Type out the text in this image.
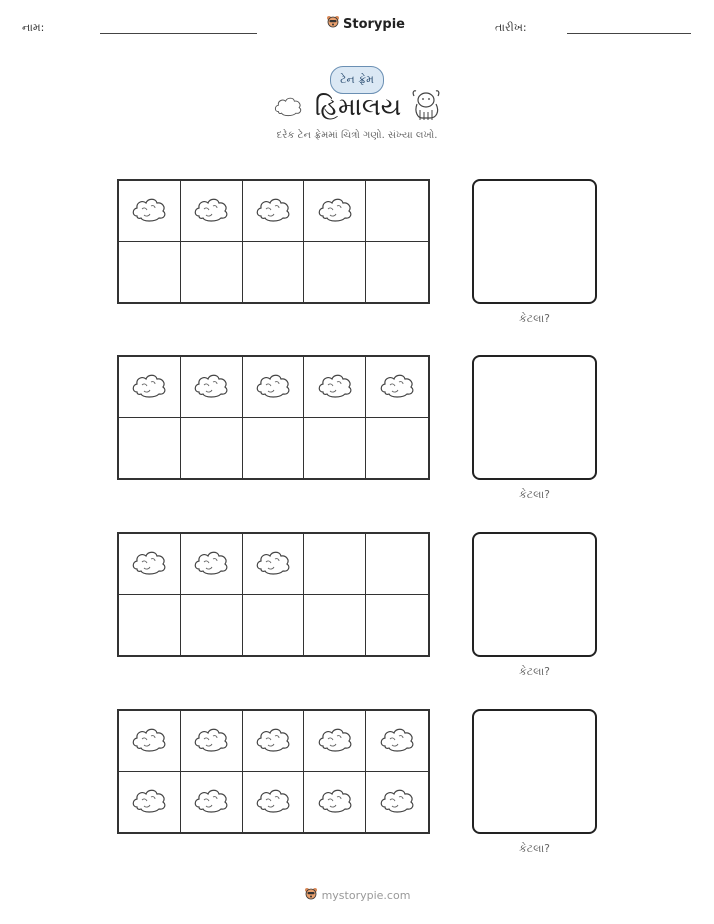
નામ:	Storypie	તારીખ:
ટેન ફ્રેમ
હિમાલય
દરેક ટેન ફ્રેમમાં ચિત્રો ગણો. સંખ્યા લખો.
કેટલા?
કેટલા?
કેટલા?
કેટલા?
mystorypie.com
